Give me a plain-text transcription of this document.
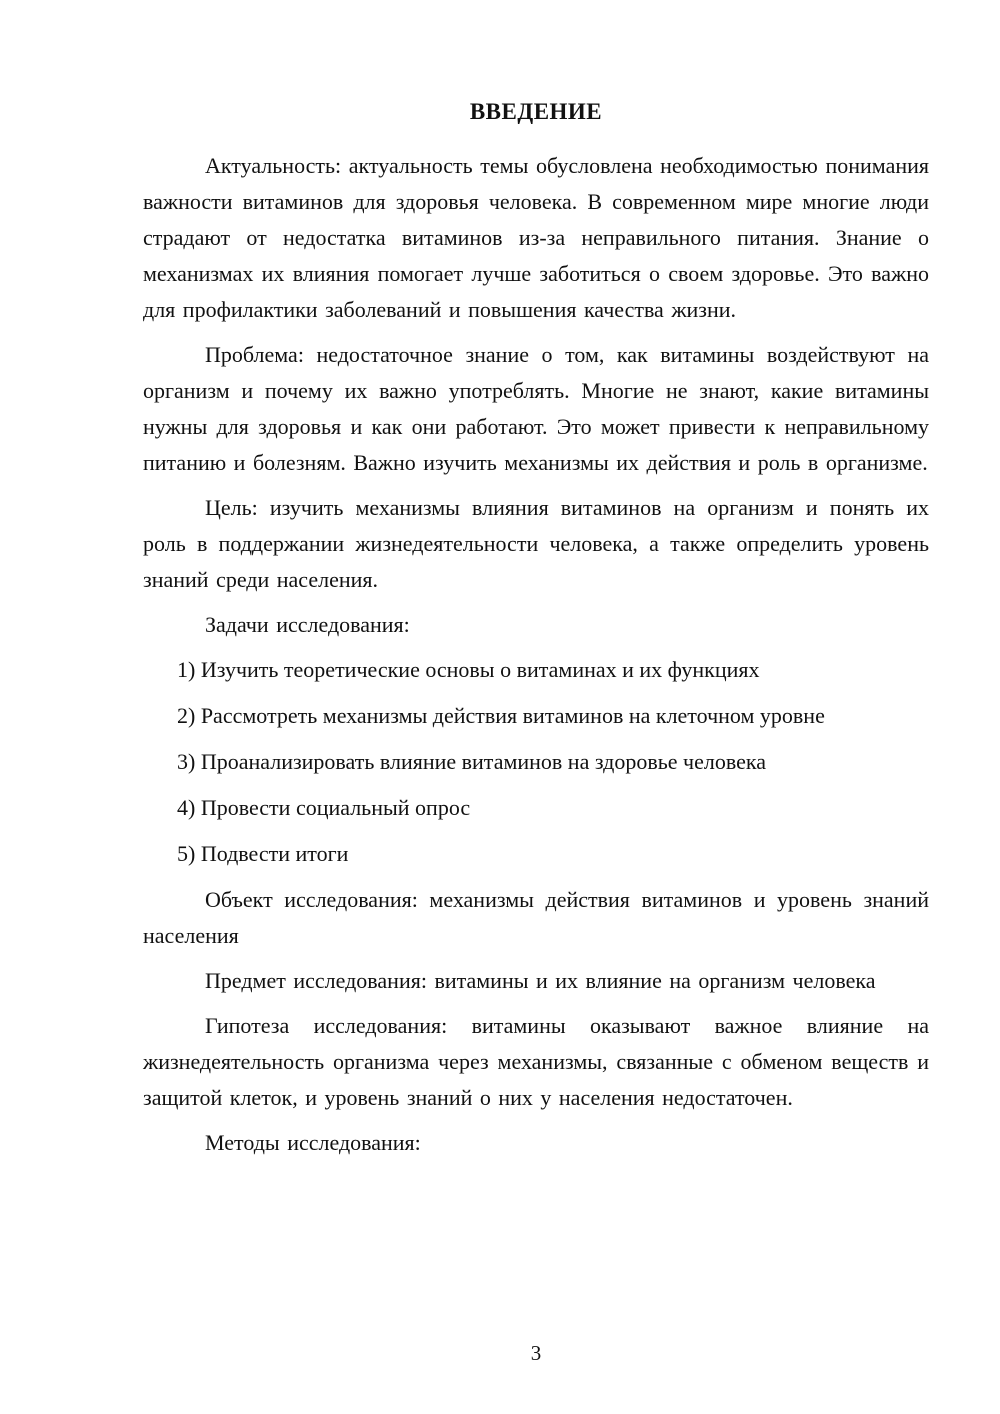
ВВЕДЕНИЕ

Актуальность: актуальность темы обусловлена необходимостью понимания важности витаминов для здоровья человека. В современном мире многие люди страдают от недостатка витаминов из-за неправильного питания. Знание о механизмах их влияния помогает лучше заботиться о своем здоровье. Это важно для профилактики заболеваний и повышения качества жизни.

Проблема: недостаточное знание о том, как витамины воздействуют на организм и почему их важно употреблять. Многие не знают, какие витамины нужны для здоровья и как они работают. Это может привести к неправильному питанию и болезням. Важно изучить механизмы их действия и роль в организме.

Цель: изучить механизмы влияния витаминов на организм и понять их роль в поддержании жизнедеятельности человека, а также определить уровень знаний среди населения.

Задачи исследования:

1) Изучить теоретические основы о витаминах и их функциях

2) Рассмотреть механизмы действия витаминов на клеточном уровне

3) Проанализировать влияние витаминов на здоровье человека

4) Провести социальный опрос

5) Подвести итоги

Объект исследования: механизмы действия витаминов и уровень знаний населения

Предмет исследования: витамины и их влияние на организм человека

Гипотеза исследования: витамины оказывают важное влияние на жизнедеятельность организма через механизмы, связанные с обменом веществ и защитой клеток, и уровень знаний о них у населения недостаточен.

Методы исследования:

3
